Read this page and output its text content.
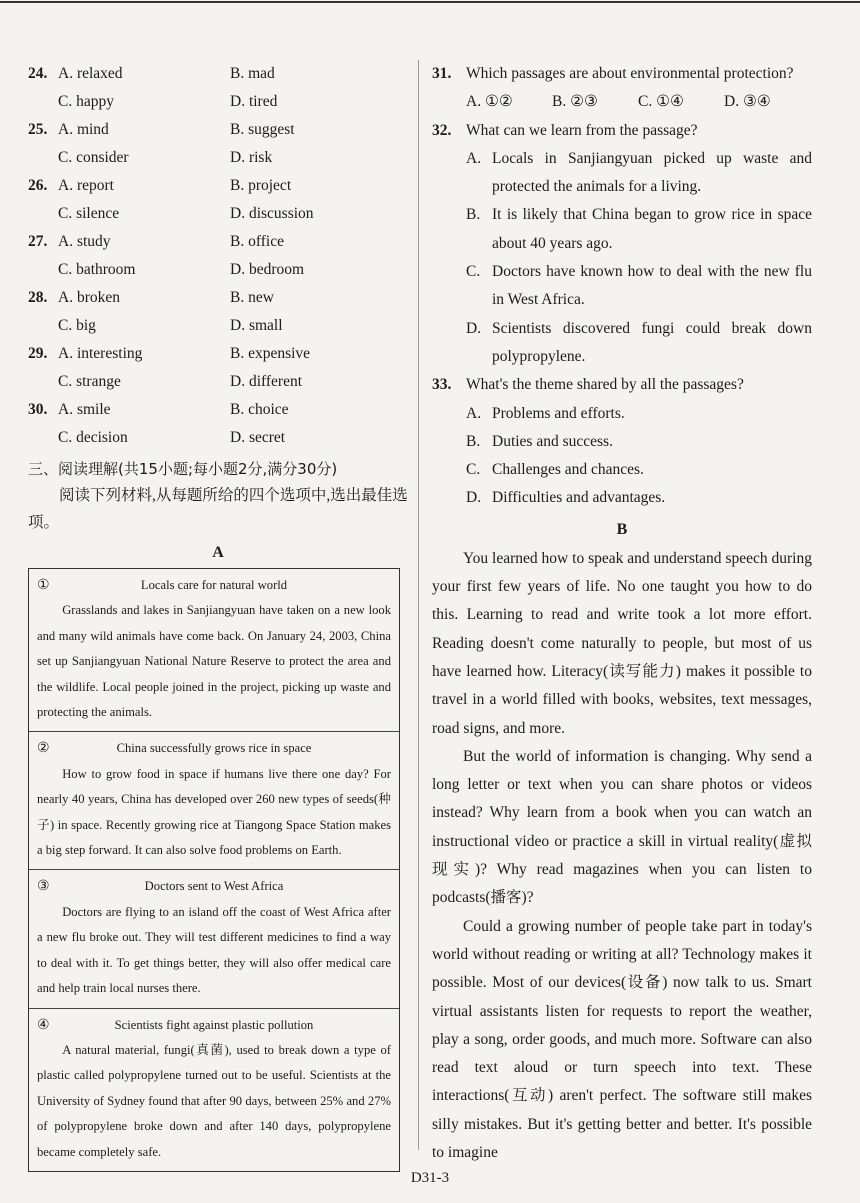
24. A. relaxed	B. mad
C. happy	D. tired
25. A. mind	B. suggest
C. consider	D. risk
26. A. report	B. project
C. silence	D. discussion
27. A. study	B. office
C. bathroom	D. bedroom
28. A. broken	B. new
C. big	D. small
29. A. interesting	B. expensive
C. strange	D. different
30. A. smile	B. choice
C. decision	D. secret
三、阅读理解(共15小题;每小题2分,满分30分)
阅读下列材料,从每题所给的四个选项中,选出最佳选项。
A
①	Locals care for natural world
Grasslands and lakes in Sanjiangyuan have taken on a new look and many wild animals have come back. On January 24, 2003, China set up Sanjiangyuan National Nature Reserve to protect the area and the wildlife. Local people joined in the project, picking up waste and protecting the animals.
②	China successfully grows rice in space
How to grow food in space if humans live there one day? For nearly 40 years, China has developed over 260 new types of seeds(种子) in space. Recently growing rice at Tiangong Space Station makes a big step forward. It can also solve food problems on Earth.
③	Doctors sent to West Africa
Doctors are flying to an island off the coast of West Africa after a new flu broke out. They will test different medicines to find a way to deal with it. To get things better, they will also offer medical care and help train local nurses there.
④	Scientists fight against plastic pollution
A natural material, fungi(真菌), used to break down a type of plastic called polypropylene turned out to be useful. Scientists at the University of Sydney found that after 90 days, between 25% and 27% of polypropylene broke down and after 140 days, polypropylene became completely safe.
31. Which passages are about environmental protection?
A. ①②	B. ②③	C. ①④	D. ③④
32. What can we learn from the passage?
A. Locals in Sanjiangyuan picked up waste and protected the animals for a living.
B. It is likely that China began to grow rice in space about 40 years ago.
C. Doctors have known how to deal with the new flu in West Africa.
D. Scientists discovered fungi could break down polypropylene.
33. What's the theme shared by all the passages?
A. Problems and efforts.
B. Duties and success.
C. Challenges and chances.
D. Difficulties and advantages.
B

You learned how to speak and understand speech during your first few years of life. No one taught you how to do this. Learning to read and write took a lot more effort. Reading doesn't come naturally to people, but most of us have learned how. Literacy(读写能力) makes it possible to travel in a world filled with books, websites, text messages, road signs, and more.

But the world of information is changing. Why send a long letter or text when you can share photos or videos instead? Why learn from a book when you can watch an instructional video or practice a skill in virtual reality(虚拟现实)? Why read magazines when you can listen to podcasts(播客)?

Could a growing number of people take part in today's world without reading or writing at all? Technology makes it possible. Most of our devices(设备) now talk to us. Smart virtual assistants listen for requests to report the weather, play a song, order goods, and much more. Software can also read text aloud or turn speech into text. These interactions(互动) aren't perfect. The software still makes silly mistakes. But it's getting better and better. It's possible to imagine

D31-3
